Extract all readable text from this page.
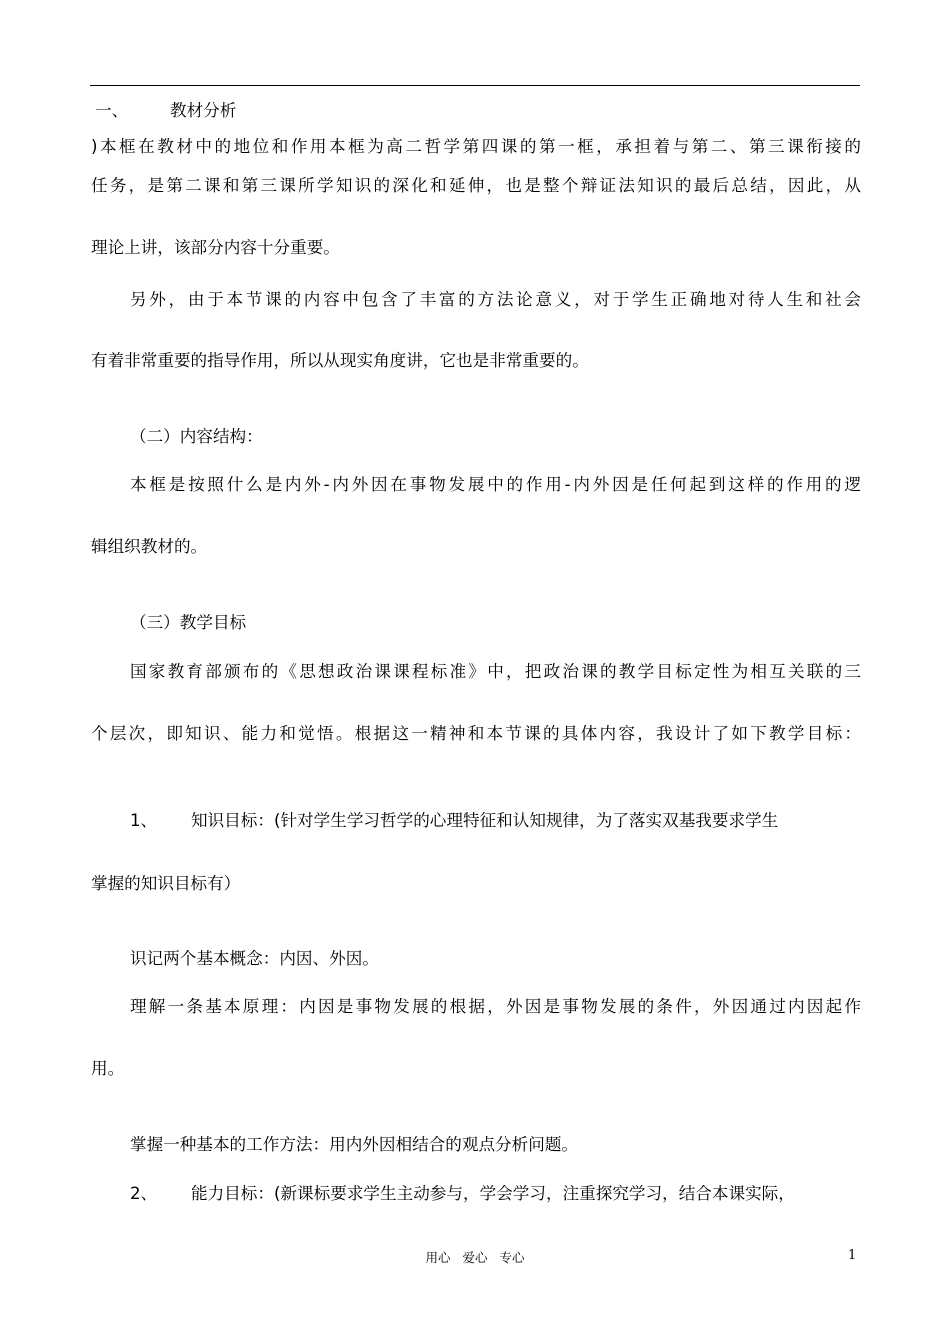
一、	教材分析
)本框在教材中的地位和作用本框为高二哲学第四课的第一框，承担着与第二、第三课衔接的
任务，是第二课和第三课所学知识的深化和延伸，也是整个辩证法知识的最后总结，因此，从
理论上讲，该部分内容十分重要。
另外，由于本节课的内容中包含了丰富的方法论意义，对于学生正确地对待人生和社会
有着非常重要的指导作用，所以从现实角度讲，它也是非常重要的。
（二）内容结构：
本框是按照什么是内外-内外因在事物发展中的作用-内外因是任何起到这样的作用的逻
辑组织教材的。
（三）教学目标
国家教育部颁布的《思想政治课课程标准》中，把政治课的教学目标定性为相互关联的三
个层次，即知识、能力和觉悟。根据这一精神和本节课的具体内容，我设计了如下教学目标：
1、 知识目标：(针对学生学习哲学的心理特征和认知规律，为了落实双基我要求学生
掌握的知识目标有）
识记两个基本概念：内因、外因。
理解一条基本原理：内因是事物发展的根据，外因是事物发展的条件，外因通过内因起作
用。
掌握一种基本的工作方法：用内外因相结合的观点分析问题。
2、 能力目标：(新课标要求学生主动参与，学会学习，注重探究学习，结合本课实际，
用心 爱心 专心	1
